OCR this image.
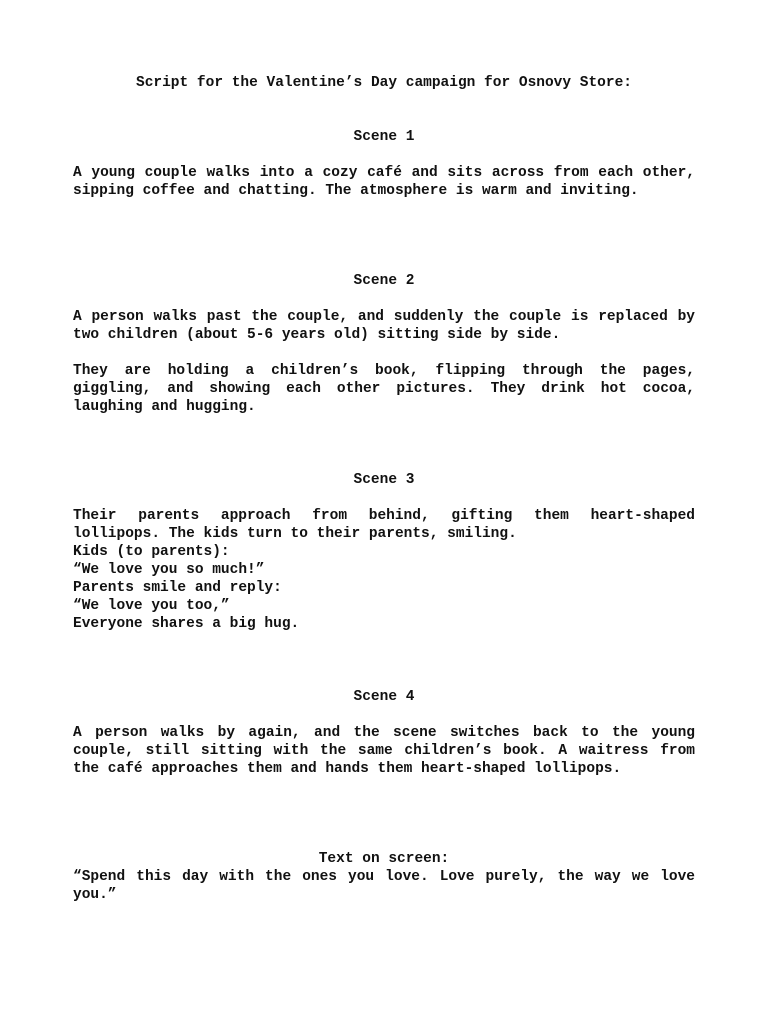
Script for the Valentine’s Day campaign for Osnovy Store:

Scene 1

A young couple walks into a cozy café and sits across from each other, sipping coffee and chatting. The atmosphere is warm and inviting.

Scene 2

A person walks past the couple, and suddenly the couple is replaced by two children (about 5-6 years old) sitting side by side.

They are holding a children’s book, flipping through the pages, giggling, and showing each other pictures. They drink hot cocoa, laughing and hugging.

Scene 3

Their parents approach from behind, gifting them heart-shaped lollipops. The kids turn to their parents, smiling.

Kids (to parents):
“We love you so much!”
Parents smile and reply:
“We love you too,”
Everyone shares a big hug.

Scene 4

A person walks by again, and the scene switches back to the young couple, still sitting with the same children’s book. A waitress from the café approaches them and hands them heart-shaped lollipops.

Text on screen:
“Spend this day with the ones you love. Love purely, the way we love you.”
